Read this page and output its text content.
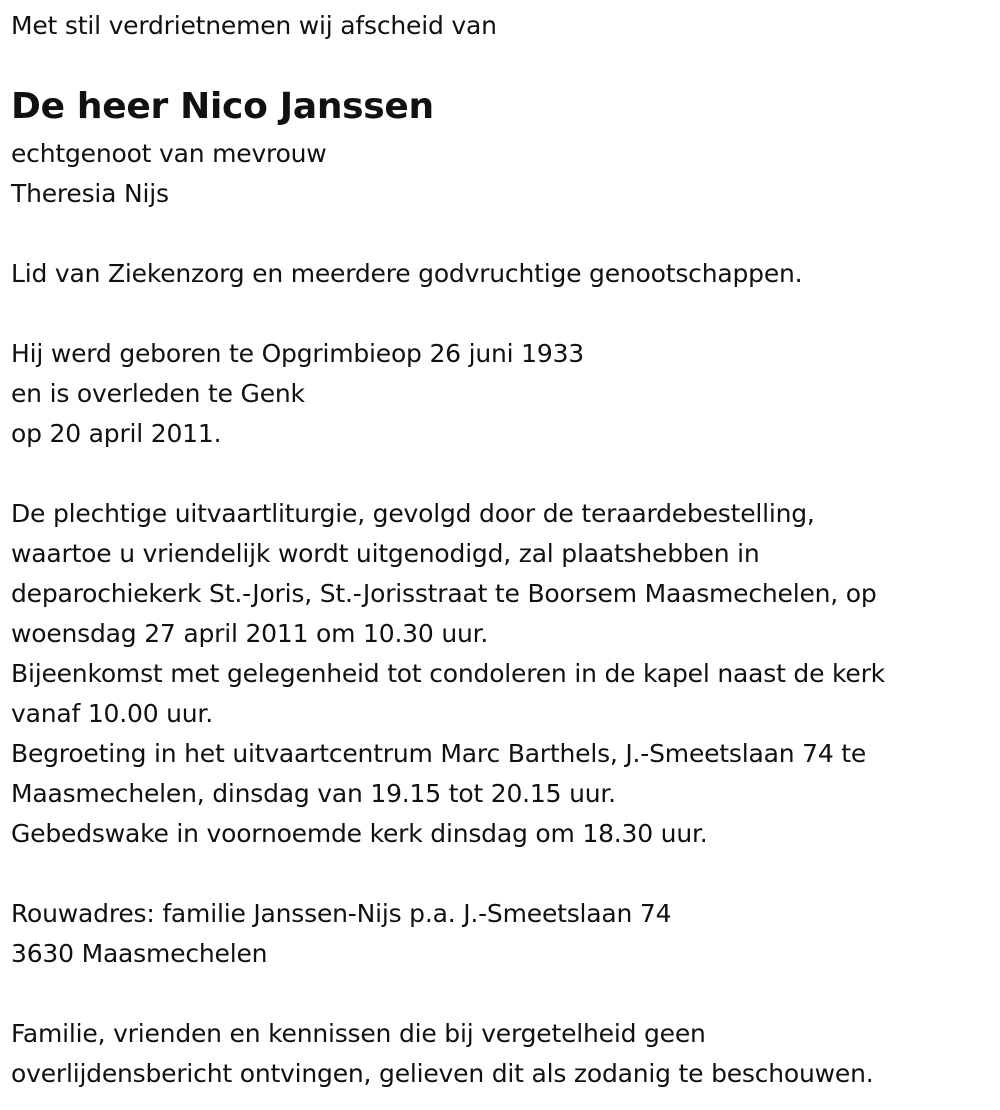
Met stil verdrietnemen wij afscheid van
De heer Nico Janssen
echtgenoot van mevrouw
Theresia Nijs
Lid van Ziekenzorg en meerdere godvruchtige genootschappen.
Hij werd geboren te Opgrimbieop 26 juni 1933
en is overleden te Genk
op 20 april 2011.
De plechtige uitvaartliturgie, gevolgd door de teraardebestelling,
waartoe u vriendelijk wordt uitgenodigd, zal plaatshebben in
deparochiekerk St.-Joris, St.-Jorisstraat te Boorsem Maasmechelen, op
woensdag 27 april 2011 om 10.30 uur.
Bijeenkomst met gelegenheid tot condoleren in de kapel naast de kerk
vanaf 10.00 uur.
Begroeting in het uitvaartcentrum Marc Barthels, J.-Smeetslaan 74 te
Maasmechelen, dinsdag van 19.15 tot 20.15 uur.
Gebedswake in voornoemde kerk dinsdag om 18.30 uur.
Rouwadres: familie Janssen-Nijs p.a. J.-Smeetslaan 74
3630 Maasmechelen
Familie, vrienden en kennissen die bij vergetelheid geen
overlijdensbericht ontvingen, gelieven dit als zodanig te beschouwen.
